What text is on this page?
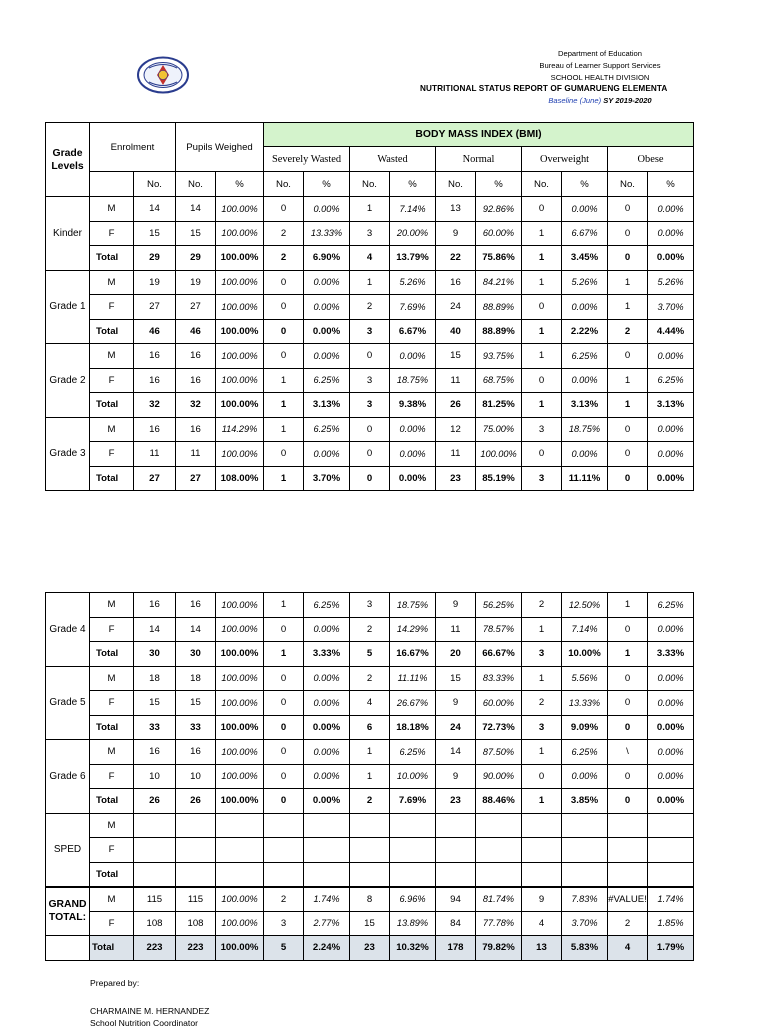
Department of Education
Bureau of Learner Support Services
SCHOOL HEALTH DIVISION
NUTRITIONAL STATUS REPORT OF GUMARUENG ELEMENTA
Baseline (June) SY 2019-2020
Grade Levels	Enrolment		Pupils Weighed		BODY MASS INDEX (BMI)									
					Severely Wasted		Wasted		Normal		Overweight		Obese	
		No.	No.	%	No.	%	No.	%	No.	%	No.	%	No.	%
Kinder	M	14	14	100.00%	0	0.00%	1	7.14%	13	92.86%	0	0.00%	0	0.00%
	F	15	15	100.00%	2	13.33%	3	20.00%	9	60.00%	1	6.67%	0	0.00%
	Total	29	29	100.00%	2	6.90%	4	13.79%	22	75.86%	1	3.45%	0	0.00%
Grade 1	M	19	19	100.00%	0	0.00%	1	5.26%	16	84.21%	1	5.26%	1	5.26%
	F	27	27	100.00%	0	0.00%	2	7.69%	24	88.89%	0	0.00%	1	3.70%
	Total	46	46	100.00%	0	0.00%	3	6.67%	40	88.89%	1	2.22%	2	4.44%
Grade 2	M	16	16	100.00%	0	0.00%	0	0.00%	15	93.75%	1	6.25%	0	0.00%
	F	16	16	100.00%	1	6.25%	3	18.75%	11	68.75%	0	0.00%	1	6.25%
	Total	32	32	100.00%	1	3.13%	3	9.38%	26	81.25%	1	3.13%	1	3.13%
Grade 3	M	16	16	114.29%	1	6.25%	0	0.00%	12	75.00%	3	18.75%	0	0.00%
	F	11	11	100.00%	0	0.00%	0	0.00%	11	100.00%	0	0.00%	0	0.00%
	Total	27	27	108.00%	1	3.70%	0	0.00%	23	85.19%	3	11.11%	0	0.00%
Grade 4	M	16	16	100.00%	1	6.25%	3	18.75%	9	56.25%	2	12.50%	1	6.25%
	F	14	14	100.00%	0	0.00%	2	14.29%	11	78.57%	1	7.14%	0	0.00%
	Total	30	30	100.00%	1	3.33%	5	16.67%	20	66.67%	3	10.00%	1	3.33%
Grade 5	M	18	18	100.00%	0	0.00%	2	11.11%	15	83.33%	1	5.56%	0	0.00%
	F	15	15	100.00%	0	0.00%	4	26.67%	9	60.00%	2	13.33%	0	0.00%
	Total	33	33	100.00%	0	0.00%	6	18.18%	24	72.73%	3	9.09%	0	0.00%
Grade 6	M	16	16	100.00%	0	0.00%	1	6.25%	14	87.50%	1	6.25%	\	0.00%
	F	10	10	100.00%	0	0.00%	1	10.00%	9	90.00%	0	0.00%	0	0.00%
	Total	26	26	100.00%	0	0.00%	2	7.69%	23	88.46%	1	3.85%	0	0.00%
SPED	M													
	F													
	Total													
GRAND TOTAL:	M	115	115	100.00%	2	1.74%	8	6.96%	94	81.74%	9	7.83%	#VALUE!	1.74%
	F	108	108	100.00%	3	2.77%	15	13.89%	84	77.78%	4	3.70%	2	1.85%
	Total	223	223	100.00%	5	2.24%	23	10.32%	178	79.82%	13	5.83%	4	1.79%
Prepared by:
CHARMAINE M. HERNANDEZ
School Nutrition Coordinator
